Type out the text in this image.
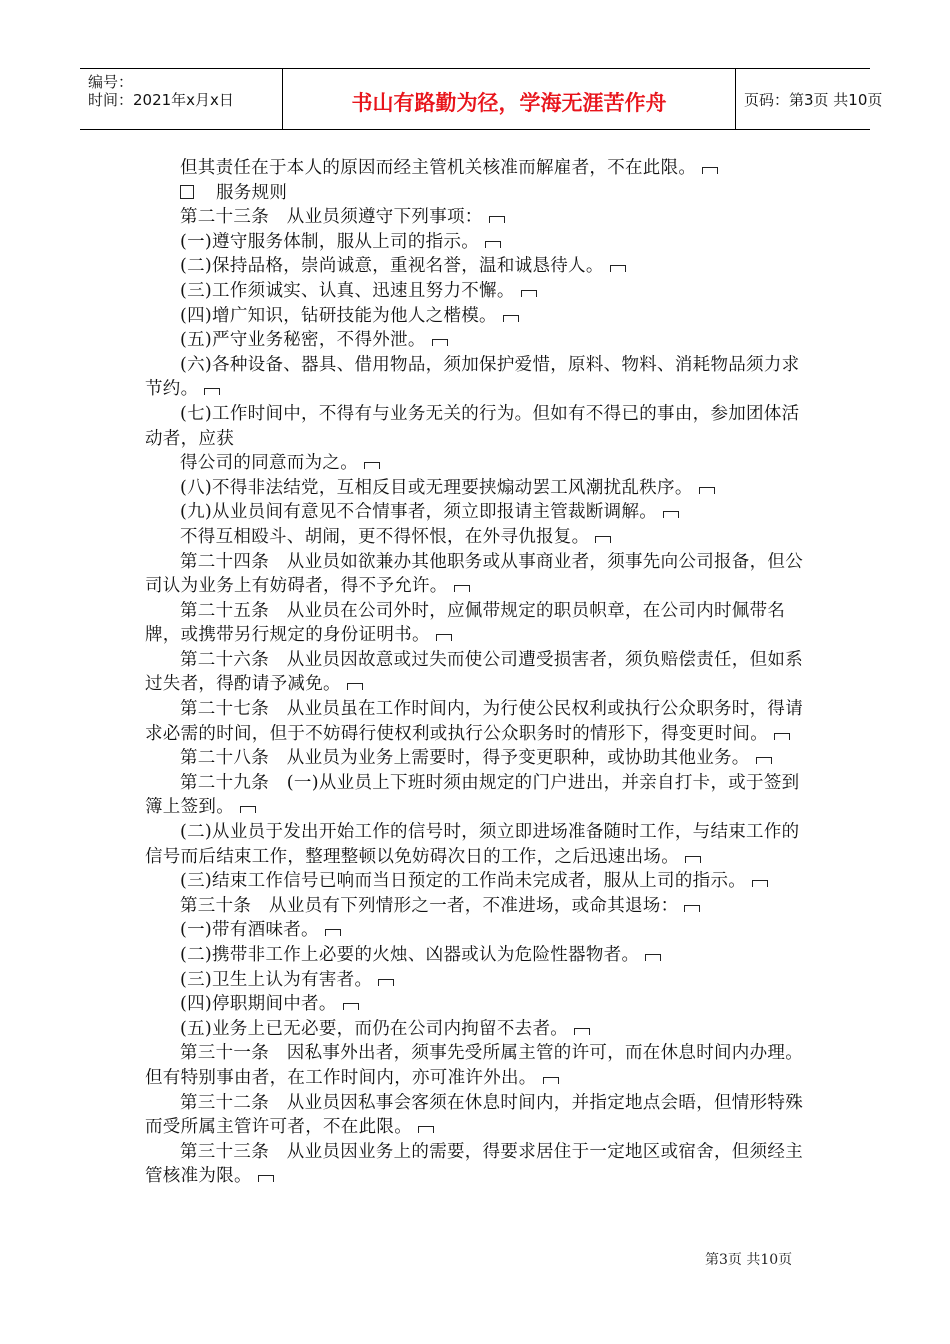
编号：
时间：2021年x月x日	书山有路勤为径，学海无涯苦作舟	页码：第3页 共10页

但其责任在于本人的原因而经主管机关核准而解雇者，不在此限。

服务规则

第二十三条　从业员须遵守下列事项：

(一)遵守服务体制，服从上司的指示。

(二)保持品格，崇尚诚意，重视名誉，温和诚恳待人。

(三)工作须诚实、认真、迅速且努力不懈。

(四)增广知识，钻研技能为他人之楷模。

(五)严守业务秘密，不得外泄。

(六)各种设备、器具、借用物品，须加保护爱惜，原料、物料、消耗物品须力求节约。

(七)工作时间中，不得有与业务无关的行为。但如有不得已的事由，参加团体活动者，应获

得公司的同意而为之。

(八)不得非法结党，互相反目或无理要挟煽动罢工风潮扰乱秩序。

(九)从业员间有意见不合情事者，须立即报请主管裁断调解。

不得互相殴斗、胡闹，更不得怀恨，在外寻仇报复。

第二十四条　从业员如欲兼办其他职务或从事商业者，须事先向公司报备，但公司认为业务上有妨碍者，得不予允许。

第二十五条　从业员在公司外时，应佩带规定的职员帜章，在公司内时佩带名牌，或携带另行规定的身份证明书。

第二十六条　从业员因故意或过失而使公司遭受损害者，须负赔偿责任，但如系过失者，得酌请予减免。

第二十七条　从业员虽在工作时间内，为行使公民权利或执行公众职务时，得请求必需的时间，但于不妨碍行使权利或执行公众职务时的情形下，得变更时间。

第二十八条　从业员为业务上需要时，得予变更职种，或协助其他业务。

第二十九条　(一)从业员上下班时须由规定的门户进出，并亲自打卡，或于签到簿上签到。

(二)从业员于发出开始工作的信号时，须立即进场准备随时工作，与结束工作的信号而后结束工作，整理整顿以免妨碍次日的工作，之后迅速出场。

(三)结束工作信号已响而当日预定的工作尚未完成者，服从上司的指示。

第三十条　从业员有下列情形之一者，不准进场，或命其退场：

(一)带有酒味者。

(二)携带非工作上必要的火烛、凶器或认为危险性器物者。

(三)卫生上认为有害者。

(四)停职期间中者。

(五)业务上已无必要，而仍在公司内拘留不去者。

第三十一条　因私事外出者，须事先受所属主管的许可，而在休息时间内办理。但有特别事由者，在工作时间内，亦可准许外出。

第三十二条　从业员因私事会客须在休息时间内，并指定地点会晤，但情形特殊而受所属主管许可者，不在此限。

第三十三条　从业员因业务上的需要，得要求居住于一定地区或宿舍，但须经主管核准为限。

第3页 共10页
